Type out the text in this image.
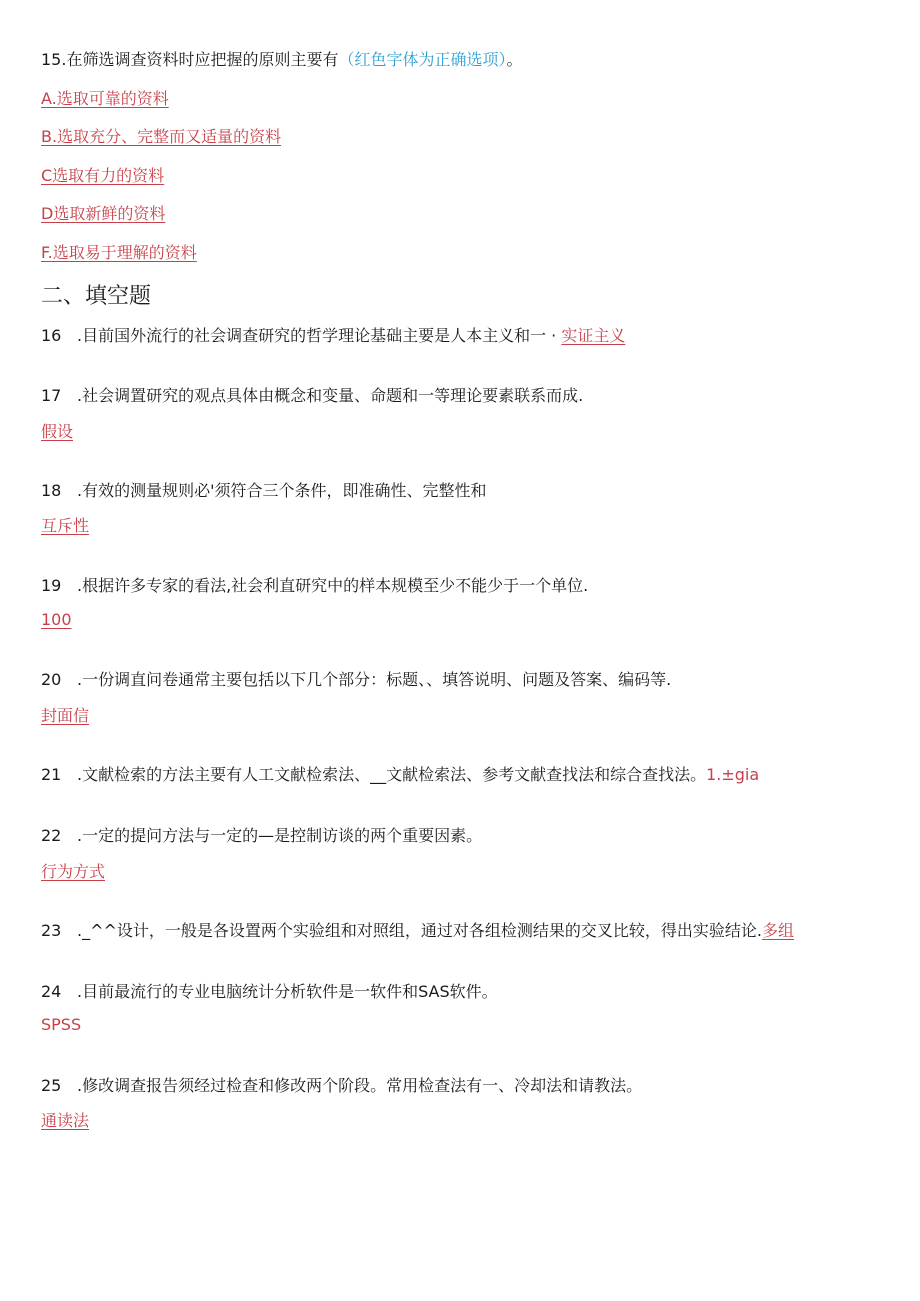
15.在筛选调查资料时应把握的原则主要有（红色字体为正确选项）。
A.选取可靠的资料
B.选取充分、完整而又适量的资料
C选取有力的资料
D选取新鲜的资料
F.选取易于理解的资料
二、填空题
16 .目前国外流行的社会调查研究的哲学理论基础主要是人本主义和一 · 实证主义
17 .社会调置研究的观点具体由概念和变量、命题和一等理论要素联系而成.
假设
18 .有效的测量规则必'须符合三个条件，即准确性、完整性和
互斥性
19 .根据许多专家的看法,社会利直研究中的样本规模至少不能少于一个单位.
100
20 .一份调直问卷通常主要包括以下几个部分：标题、、填答说明、问题及答案、编码等.
封面信
21 .文献检索的方法主要有人工文献检索法、__文献检索法、参考文献查找法和综合查找法。1.±gia
22 .一定的提问方法与一定的—是控制访谈的两个重要因素。
行为方式
23 ._^^设计，一般是各设置两个实验组和对照组，通过对各组检测结果的交叉比较，得出实验结论.多组
24 .目前最流行的专业电脑统计分析软件是一软件和SAS软件。
SPSS
25 .修改调查报告须经过检查和修改两个阶段。常用检查法有一、冷却法和请教法。
通读法
